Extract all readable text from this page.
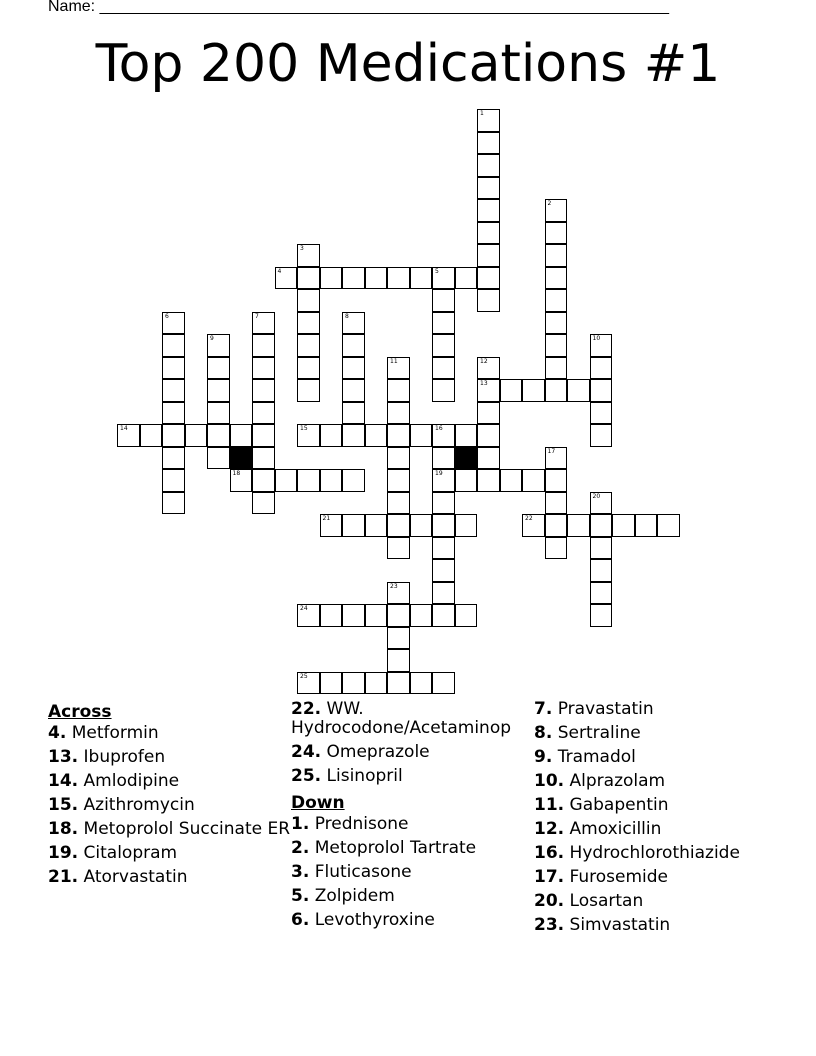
Name: ________________________________________________________________
Top 200 Medications #1
1
2
3
4	5
6	7	8
9	10
11	12
13
14	15	16
19
17
18
20
21	22
23
24
25
Across
4. Metformin
13. Ibuprofen
14. Amlodipine
15. Azithromycin
18. Metoprolol Succinate ER
19. Citalopram
21. Atorvastatin
22. WW. Hydrocodone/Acetaminop
24. Omeprazole
25. Lisinopril
Down
1. Prednisone
2. Metoprolol Tartrate
3. Fluticasone
5. Zolpidem
6. Levothyroxine
7. Pravastatin
8. Sertraline
9. Tramadol
10. Alprazolam
11. Gabapentin
12. Amoxicillin
16. Hydrochlorothiazide
17. Furosemide
20. Losartan
23. Simvastatin
